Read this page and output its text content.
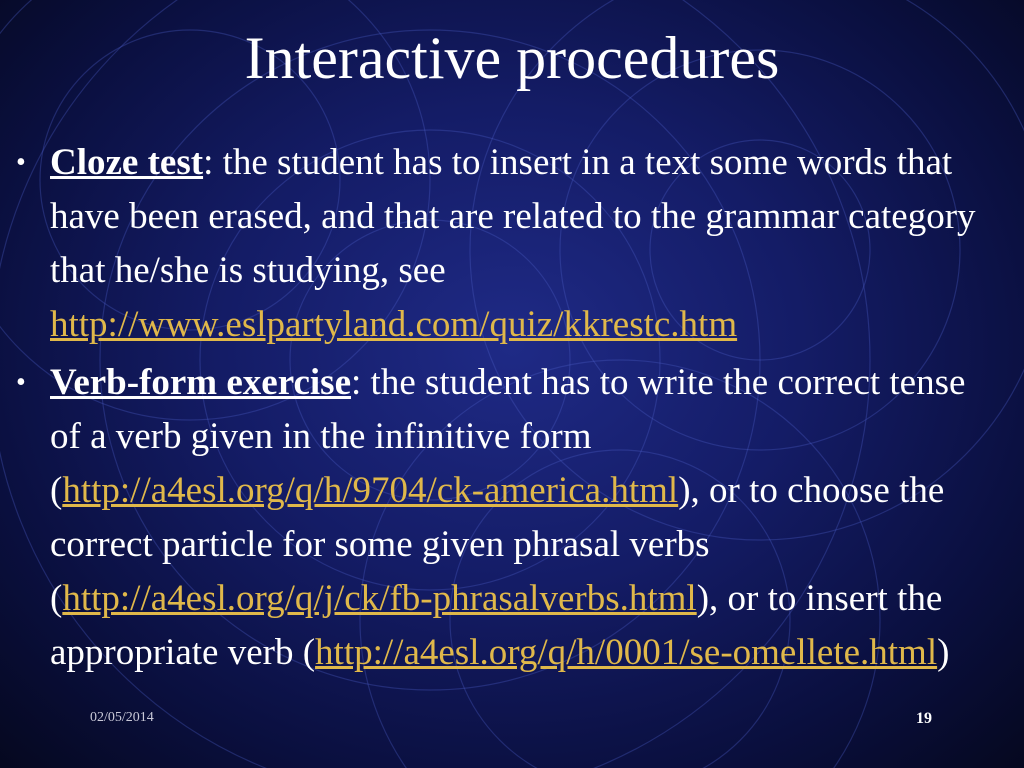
Interactive procedures
• Cloze test: the student has to insert in a text some words that have been erased, and that are related to the grammar category that he/she is studying, see http://www.eslpartyland.com/quiz/kkrestc.htm
• Verb-form exercise: the student has to write the correct tense of a verb given in the infinitive form (http://a4esl.org/q/h/9704/ck-america.html), or to choose the correct particle for some given phrasal verbs (http://a4esl.org/q/j/ck/fb-phrasalverbs.html), or to insert the appropriate verb (http://a4esl.org/q/h/0001/se-omellete.html)
02/05/2014	19
